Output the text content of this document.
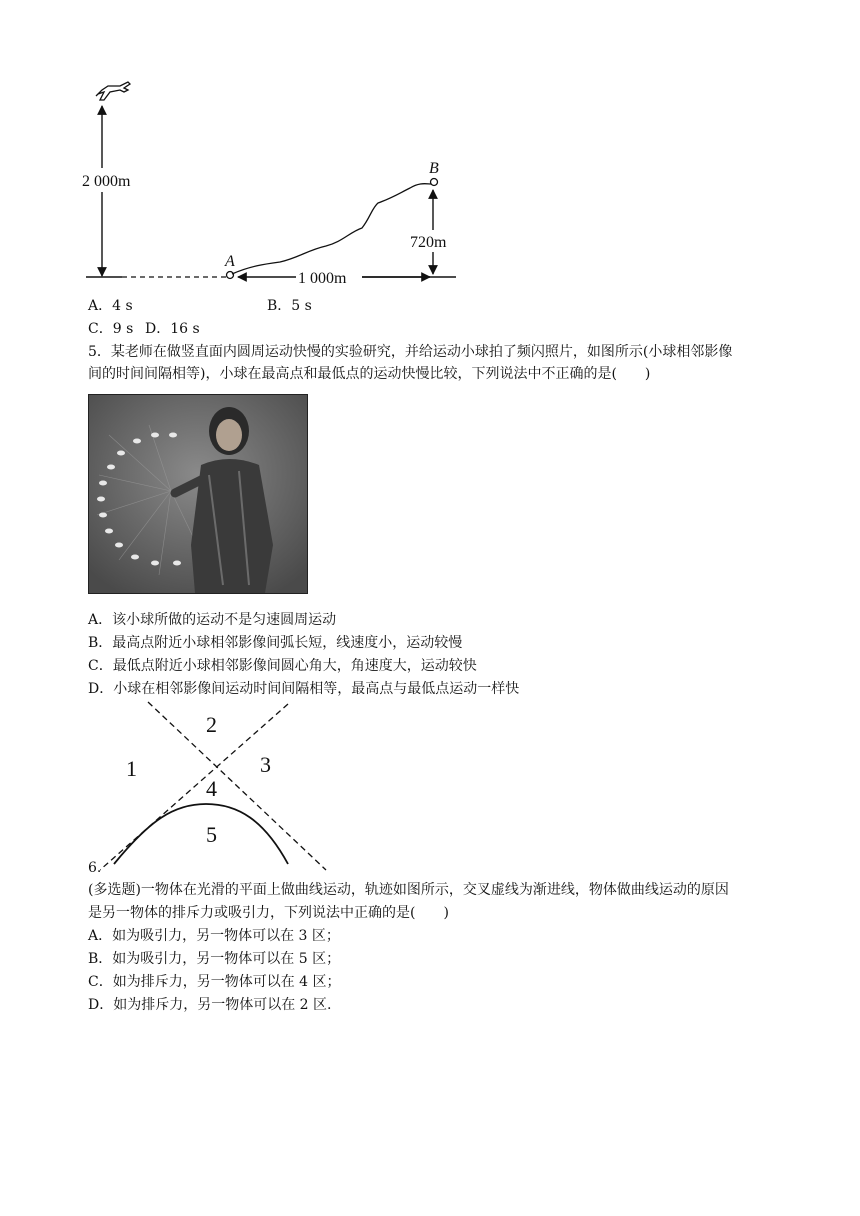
2 000m
A
B
720m
1 000m
A．4 s	B．5 s
C．9 s D．16 s
5．某老师在做竖直面内圆周运动快慢的实验研究，并给运动小球拍了频闪照片，如图所示(小球相邻影像
间的时间间隔相等)，小球在最高点和最低点的运动快慢比较，下列说法中不正确的是(　　)
A．该小球所做的运动不是匀速圆周运动
B．最高点附近小球相邻影像间弧长短，线速度小，运动较慢
C．最低点附近小球相邻影像间圆心角大，角速度大，运动较快
D．小球在相邻影像间运动时间间隔相等，最高点与最低点运动一样快
2
1	3
4
5
6.
(多选题)一物体在光滑的平面上做曲线运动，轨迹如图所示，交叉虚线为渐进线，物体做曲线运动的原因
是另一物体的排斥力或吸引力，下列说法中正确的是(　　)
A．如为吸引力，另一物体可以在 3 区；
B．如为吸引力，另一物体可以在 5 区；
C．如为排斥力，另一物体可以在 4 区；
D．如为排斥力，另一物体可以在 2 区.
